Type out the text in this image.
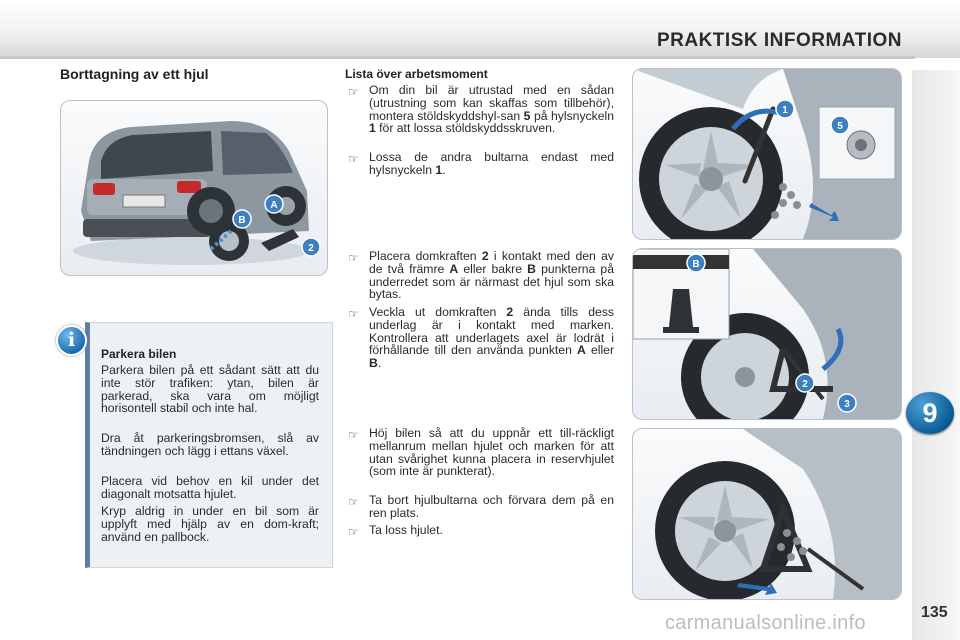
PRAKTISK INFORMATION
9
135
Borttagning av ett hjul
B
A
2
i
Parkera bilen
Parkera bilen på ett sådant sätt att du inte stör trafiken: ytan, bilen är parkerad, ska vara om möjligt horisontell stabil och inte hal.
Dra åt parkeringsbromsen, slå av tändningen och lägg i ettans växel.
Placera vid behov en kil under det diagonalt motsatta hjulet.
Kryp aldrig in under en bil som är upplyft med hjälp av en dom-kraft; använd en pallbock.
Lista över arbetsmoment
☞ Om din bil är utrustad med en sådan (utrustning som kan skaffas som tillbehör), montera stöldskyddshyl-san 5 på hylsnyckeln 1 för att lossa stöldskyddsskruven.
☞ Lossa de andra bultarna endast med hylsnyckeln 1.
☞ Placera domkraften 2 i kontakt med den av de två främre A eller bakre B punkterna på underredet som är närmast det hjul som ska bytas.
☞ Veckla ut domkraften 2 ända tills dess underlag är i kontakt med marken. Kontrollera att underlagets axel är lodrät i förhållande till den använda punkten A eller B.
☞ Höj bilen så att du uppnår ett till-räckligt mellanrum mellan hjulet och marken för att utan svårighet kunna placera in reservhjulet (som inte är punkterat).
☞ Ta bort hjulbultarna och förvara dem på en ren plats.
☞ Ta loss hjulet.
5
1
B
2
3
carmanualsonline.info
